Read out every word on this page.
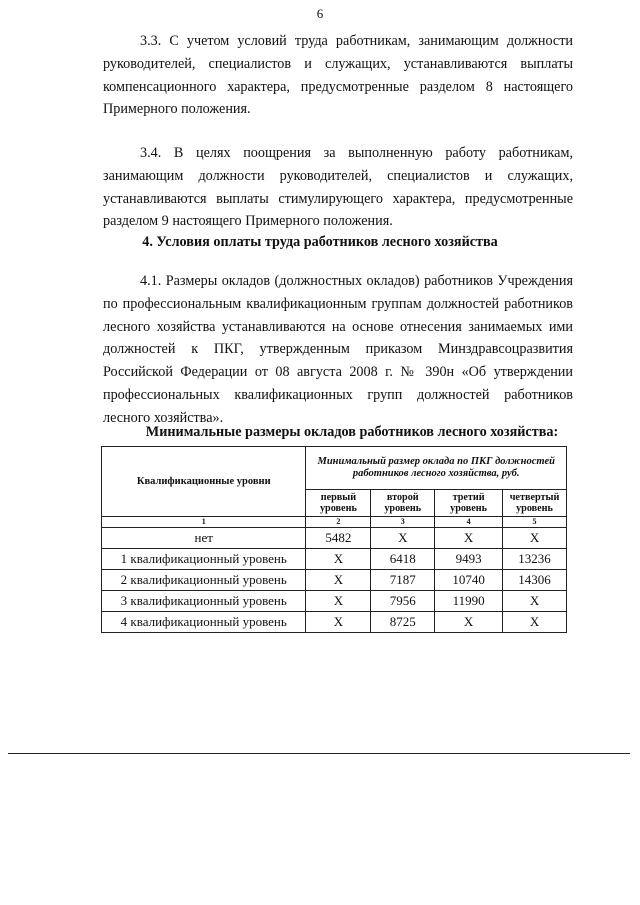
6

3.3. С учетом условий труда работникам, занимающим должности руководителей, специалистов и служащих, устанавливаются выплаты компенсационного характера, предусмотренные разделом 8 настоящего Примерного положения.

3.4. В целях поощрения за выполненную работу работникам, занимающим должности руководителей, специалистов и служащих, устанавливаются выплаты стимулирующего характера, предусмотренные разделом 9 настоящего Примерного положения.

4. Условия оплаты труда работников лесного хозяйства

4.1. Размеры окладов (должностных окладов) работников Учреждения по профессиональным квалификационным группам должностей работников лесного хозяйства устанавливаются на основе отнесения занимаемых ими должностей к ПКГ, утвержденным приказом Минздравсоцразвития Российской Федерации от 08 августа 2008 г. № 390н «Об утверждении профессиональных квалификационных групп должностей работников лесного хозяйства».

Минимальные размеры окладов работников лесного хозяйства:

Квалификационные уровни	Минимальный размер оклада по ПКГ должностей работников лесного хозяйства, руб.			
	первый уровень	второй уровень	третий уровень	четвертый уровень
1	2	3	4	5
нет	5482	X	X	X
1 квалификационный уровень	X	6418	9493	13236
2 квалификационный уровень	X	7187	10740	14306
3 квалификационный уровень	X	7956	11990	X
4 квалификационный уровень	X	8725	X	X
